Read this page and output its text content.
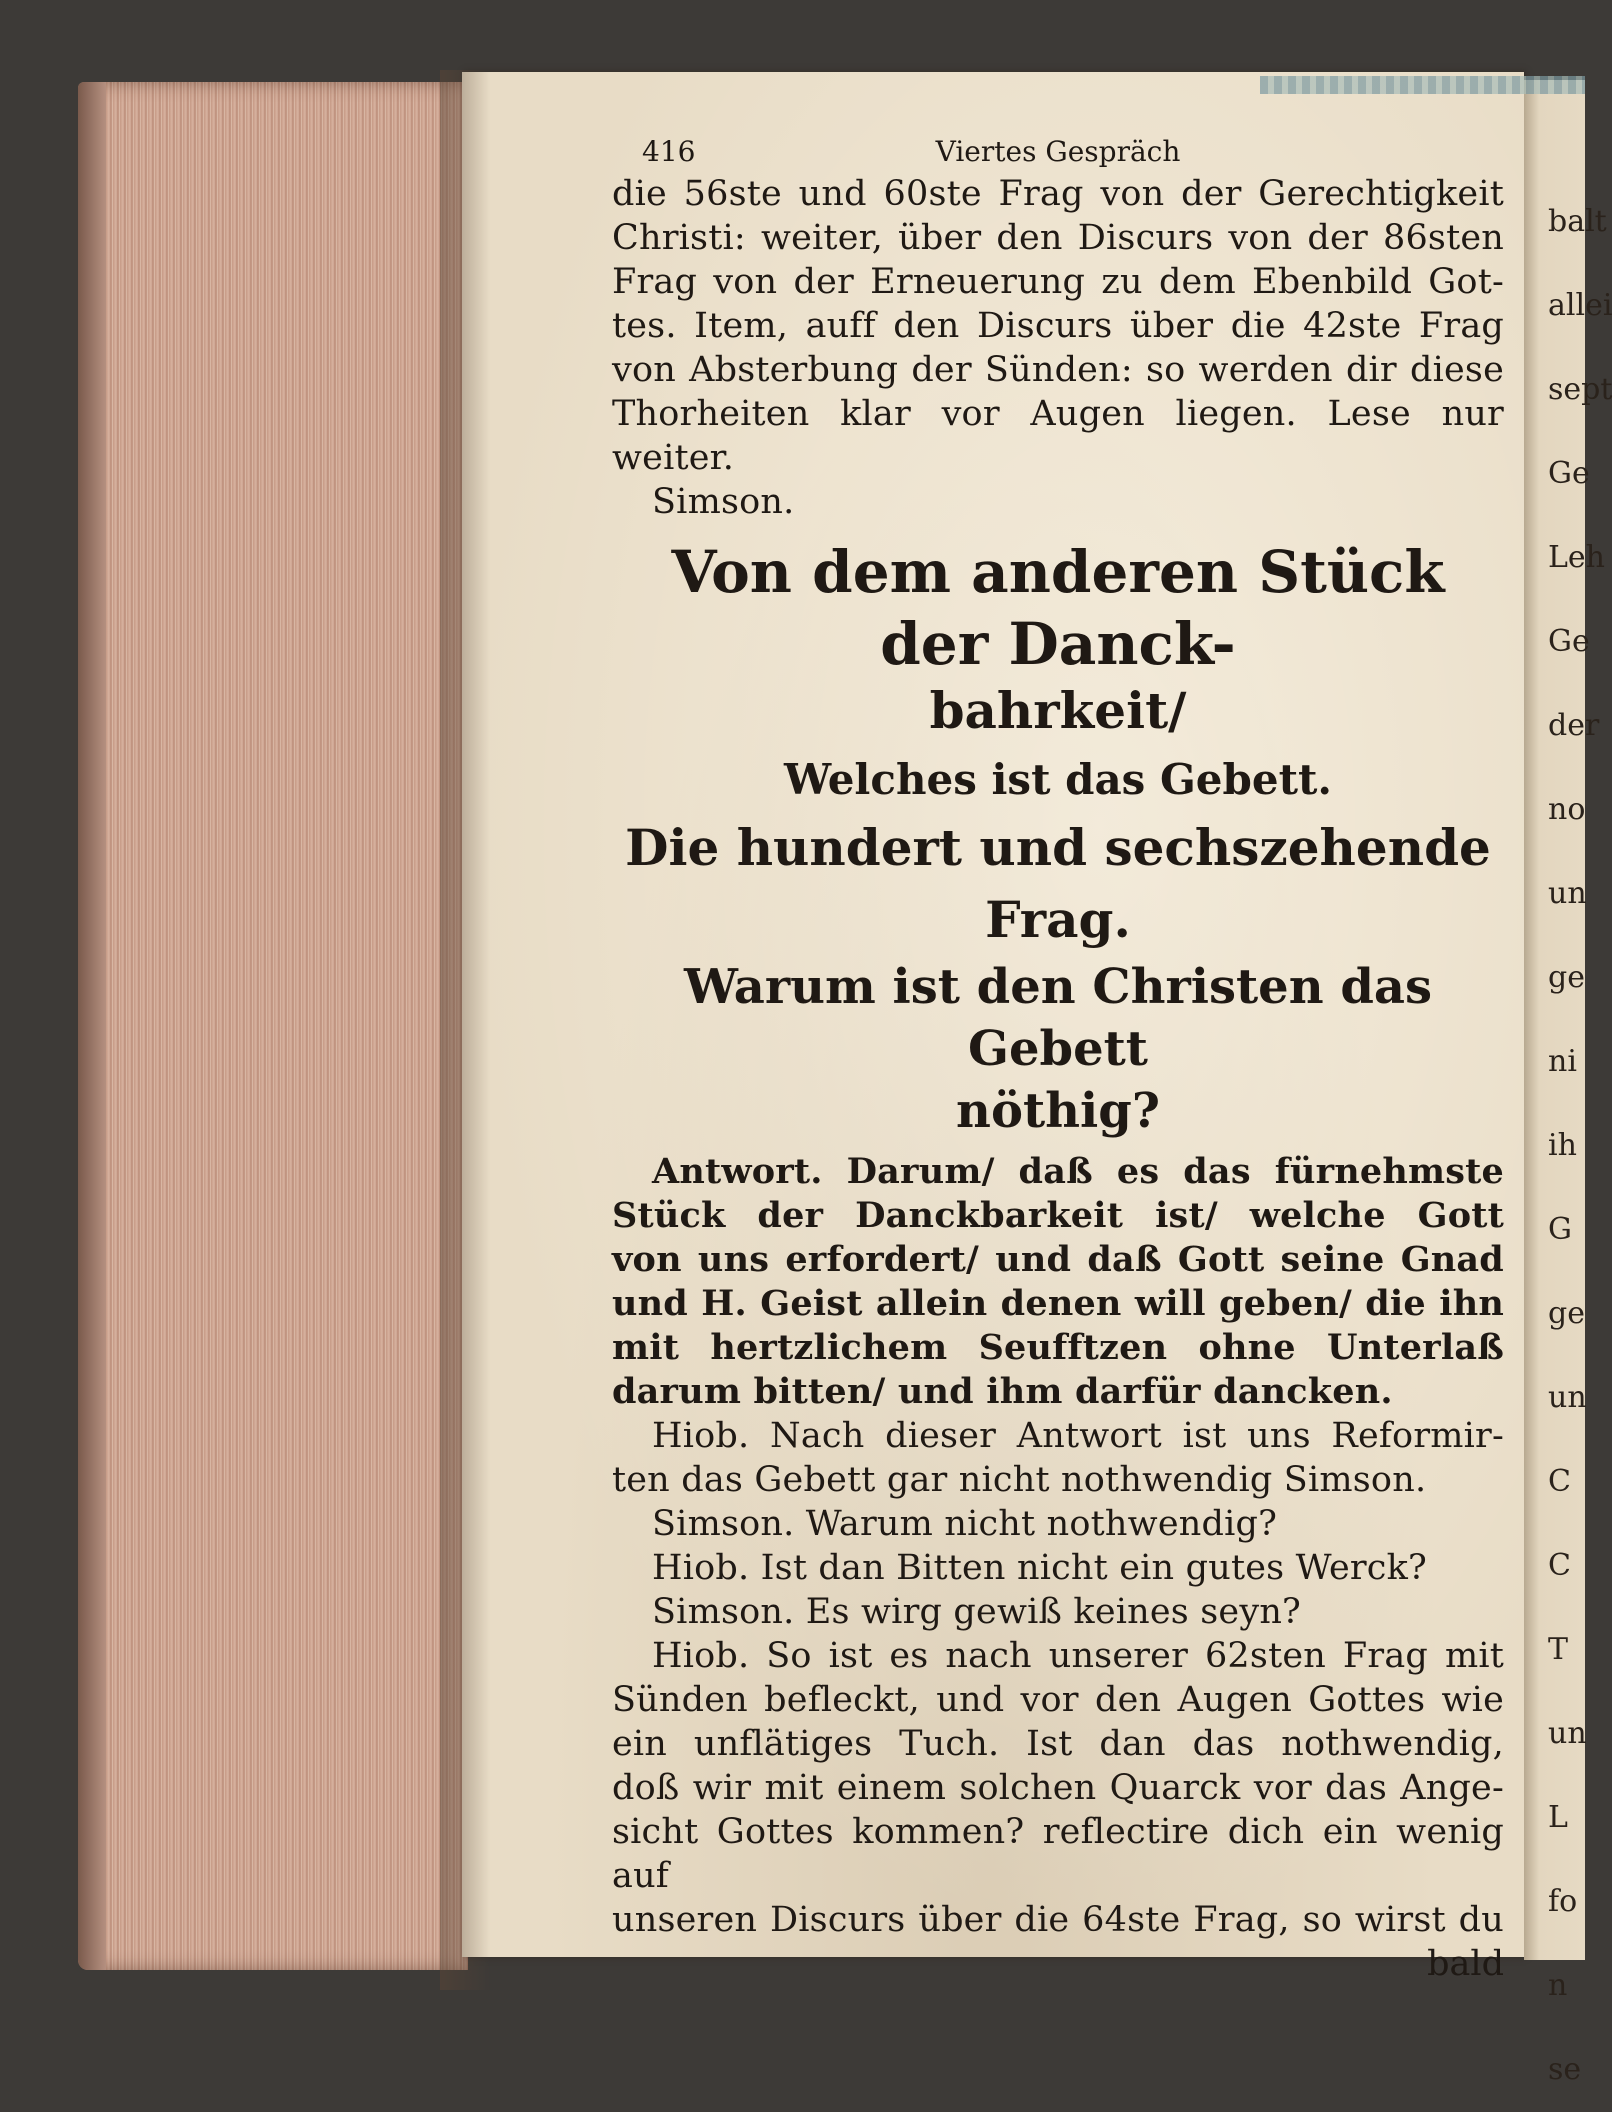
balt
allei
sept
Ge
Leh
Ge
der
no
un
ge
ni
ih
G
ge
un
C
C
T
un
L
fo
n
se
416	Viertes Gespräch

die 56ste und 60ste Frag von der Gerechtigkeit

Christi: weiter, über den Discurs von der 86sten

Frag von der Erneuerung zu dem Ebenbild Got-

tes. Item, auff den Discurs über die 42ste Frag

von Absterbung der Sünden: so werden dir diese

Thorheiten klar vor Augen liegen. Lese nur weiter.

Simson.

Von dem anderen Stück der Danck-

bahrkeit/

Welches ist das Gebett.

Die hundert und sechszehende Frag.

Warum ist den Christen das Gebett

nöthig?

Antwort. Darum/ daß es das fürnehmste

Stück der Danckbarkeit ist/ welche Gott

von uns erfordert/ und daß Gott seine Gnad

und H. Geist allein denen will geben/ die ihn

mit hertzlichem Seufftzen ohne Unterlaß

darum bitten/ und ihm darfür dancken.

Hiob. Nach dieser Antwort ist uns Reformir-

ten das Gebett gar nicht nothwendig Simson.

Simson. Warum nicht nothwendig?

Hiob. Ist dan Bitten nicht ein gutes Werck?

Simson. Es wirg gewiß keines seyn?

Hiob. So ist es nach unserer 62sten Frag mit

Sünden befleckt, und vor den Augen Gottes wie

ein unflätiges Tuch. Ist dan das nothwendig,

doß wir mit einem solchen Quarck vor das Ange-

sicht Gottes kommen? reflectire dich ein wenig auf

unseren Discurs über die 64ste Frag, so wirst du

bald
